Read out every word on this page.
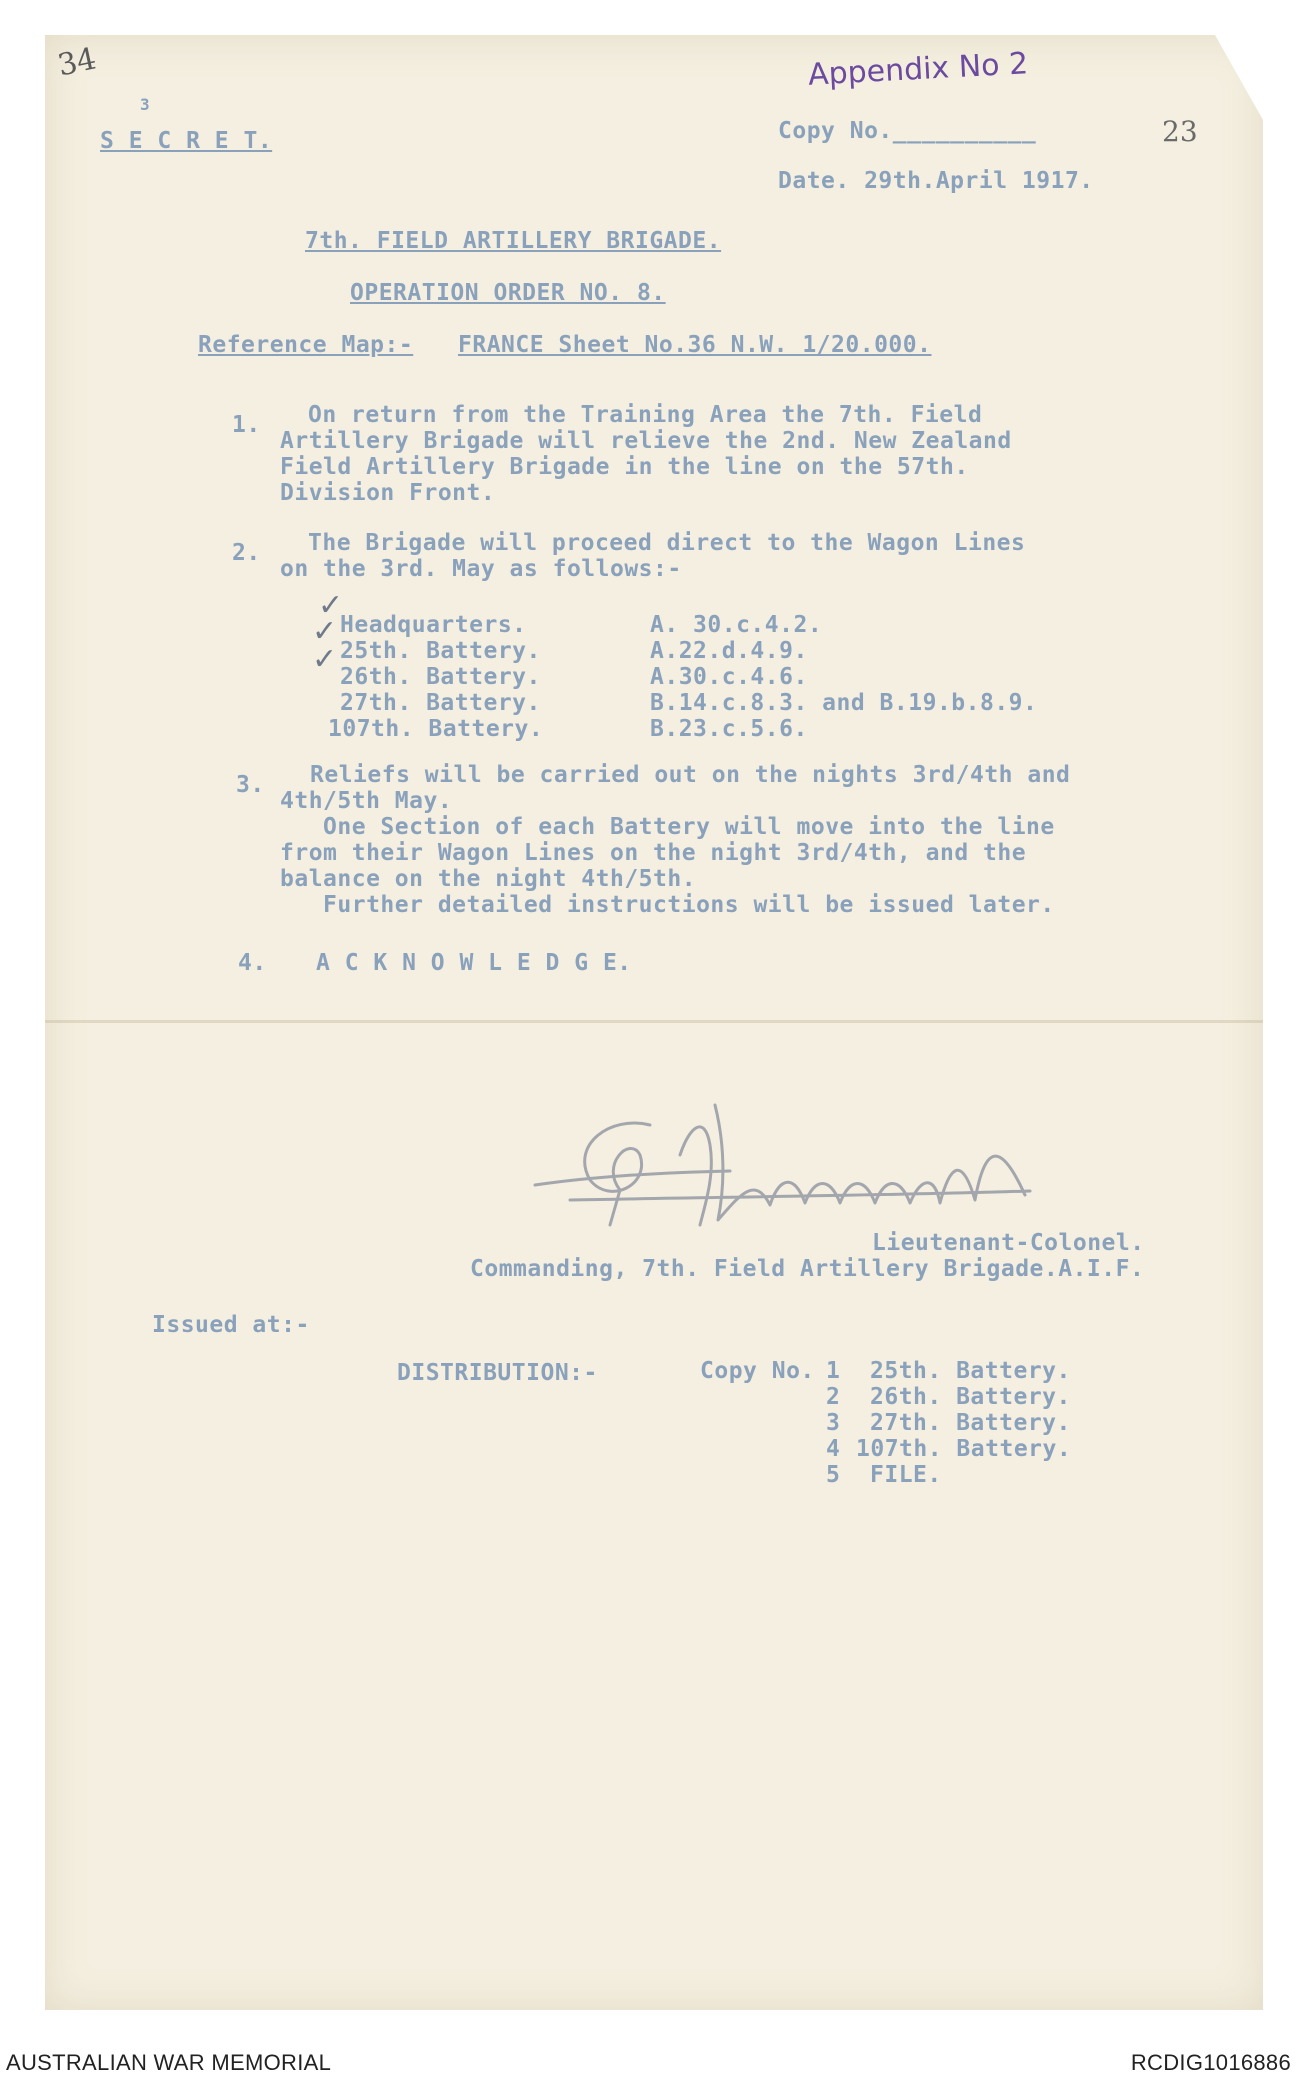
34
3
S E C R E T.
Appendix No 2
23
Copy No.__________
Date. 29th.April 1917.
7th. FIELD ARTILLERY BRIGADE.
OPERATION ORDER NO. 8.
Reference Map:- FRANCE Sheet No.36 N.W. 1/20.000.
1. On return from the Training Area the 7th. Field
Artillery Brigade will relieve the 2nd. New Zealand
Field Artillery Brigade in the line on the 57th.
Division Front.
2. The Brigade will proceed direct to the Wagon Lines
on the 3rd. May as follows:-
✓
✓
✓
Headquarters.	A. 30.c.4.2.
25th. Battery.	A.22.d.4.9.
26th. Battery.	A.30.c.4.6.
27th. Battery.	B.14.c.8.3. and B.19.b.8.9.
107th. Battery.	B.23.c.5.6.
3. Reliefs will be carried out on the nights 3rd/4th and
4th/5th May.
One Section of each Battery will move into the line
from their Wagon Lines on the night 3rd/4th, and the
balance on the night 4th/5th.
Further detailed instructions will be issued later.
4. A C K N O W L E D G E.
Lieutenant-Colonel.
Commanding, 7th. Field Artillery Brigade.A.I.F.
Issued at:-
DISTRIBUTION:-	Copy No. 1 25th. Battery.
2 26th. Battery.
3 27th. Battery.
4 107th. Battery.
5 FILE.
AUSTRALIAN WAR MEMORIAL	RCDIG1016886
